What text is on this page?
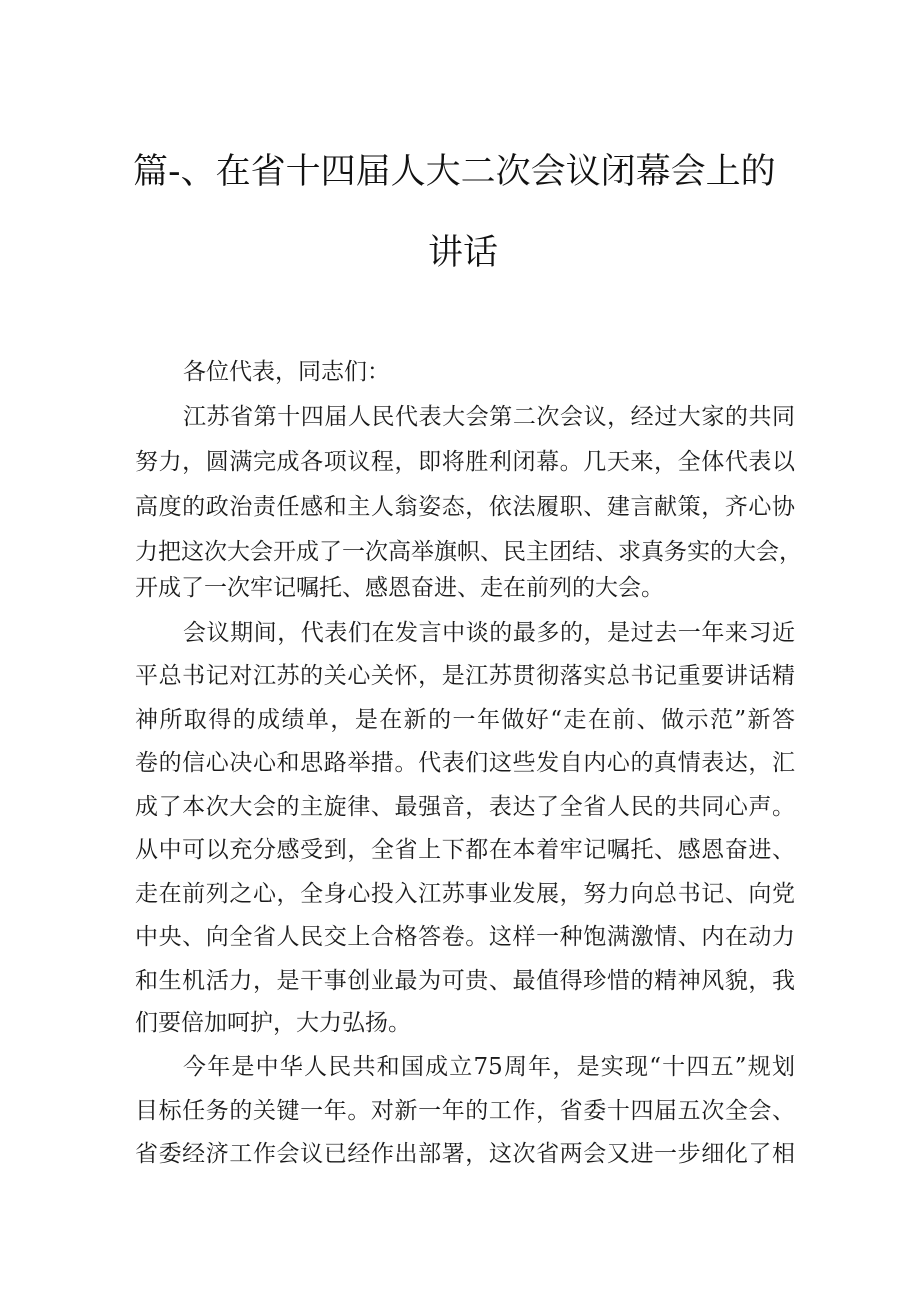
篇-、在省十四届人大二次会议闭幕会上的
讲话
各位代表，同志们：
江苏省第十四届人民代表大会第二次会议，经过大家的共同
努力，圆满完成各项议程，即将胜利闭幕。几天来，全体代表以
高度的政治责任感和主人翁姿态，依法履职、建言献策，齐心协
力把这次大会开成了一次高举旗帜、民主团结、求真务实的大会，
开成了一次牢记嘱托、感恩奋进、走在前列的大会。
会议期间，代表们在发言中谈的最多的，是过去一年来习近
平总书记对江苏的关心关怀，是江苏贯彻落实总书记重要讲话精
神所取得的成绩单，是在新的一年做好“走在前、做示范”新答
卷的信心决心和思路举措。代表们这些发自内心的真情表达，汇
成了本次大会的主旋律、最强音，表达了全省人民的共同心声。
从中可以充分感受到，全省上下都在本着牢记嘱托、感恩奋进、
走在前列之心，全身心投入江苏事业发展，努力向总书记、向党
中央、向全省人民交上合格答卷。这样一种饱满激情、内在动力
和生机活力，是干事创业最为可贵、最值得珍惜的精神风貌，我
们要倍加呵护，大力弘扬。
今年是中华人民共和国成立75周年，是实现“十四五”规划
目标任务的关键一年。对新一年的工作，省委十四届五次全会、
省委经济工作会议已经作出部署，这次省两会又进一步细化了相
